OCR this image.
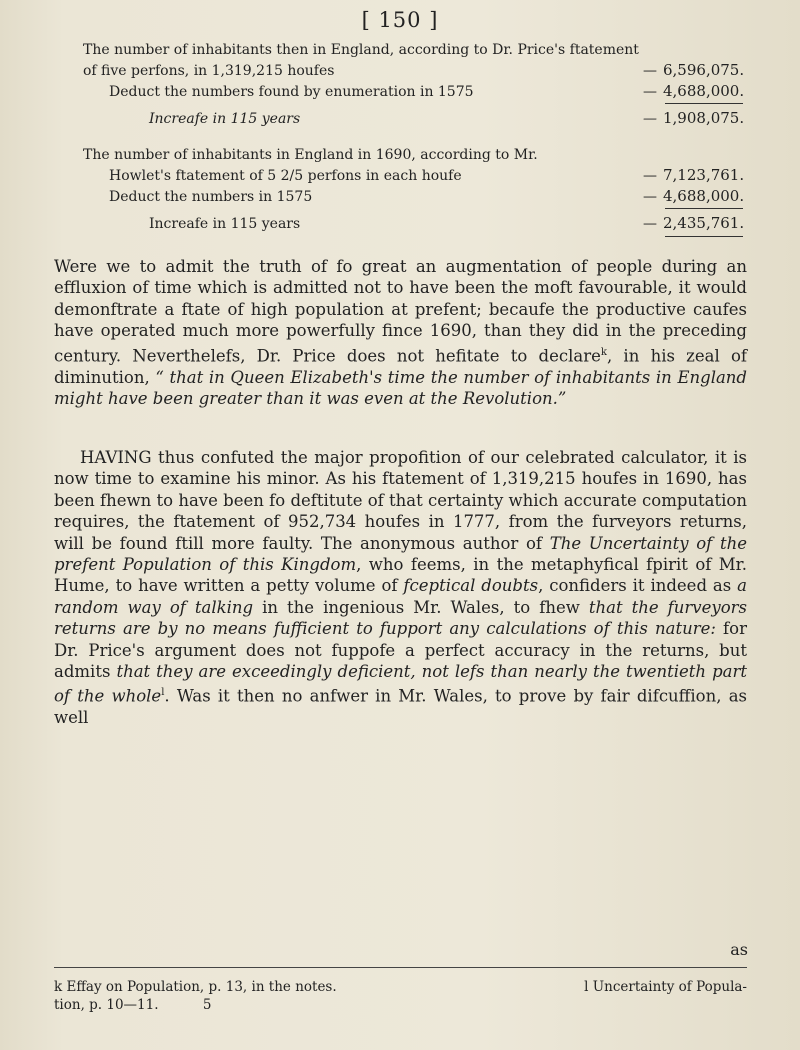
[ 150 ]
The number of inhabitants then in England, according to Dr. Price's ftatement
of five perfons, in 1,319,215 houfes	— 6,596,075.
Deduct the numbers found by enumeration in 1575	— 4,688,000.
Increafe in 115 years	— 1,908,075.
The number of inhabitants in England in 1690, according to Mr.
Howlet's ftatement of 5 2/5 perfons in each houfe	— 7,123,761.
Deduct the numbers in 1575	— 4,688,000.
Increafe in 115 years	— 2,435,761.

Were we to admit the truth of fo great an augmentation of people during an effluxion of time which is admitted not to have been the moft favourable, it would demonftrate a ftate of high population at prefent; becaufe the productive caufes have operated much more powerfully fince 1690, than they did in the preceding century. Neverthelefs, Dr. Price does not hefitate to declare$^k$, in his zeal of diminution, “ that in Queen Elizabeth's time the number of inhabitants in England might have been greater than it was even at the Revolution.”

HAVING thus confuted the major propofition of our celebrated calculator, it is now time to examine his minor. As his ftatement of 1,319,215 houfes in 1690, has been fhewn to have been fo deftitute of that certainty which accurate computation requires, the ftatement of 952,734 houfes in 1777, from the furveyors returns, will be found ftill more faulty. The anonymous author of The Uncertainty of the prefent Population of this Kingdom, who feems, in the metaphyfical fpirit of Mr. Hume, to have written a petty volume of fceptical doubts, confiders it indeed as a random way of talking in the ingenious Mr. Wales, to fhew that the furveyors returns are by no means fufficient to fupport any calculations of this nature: for Dr. Price's argument does not fuppofe a perfect accuracy in the returns, but admits that they are exceedingly deficient, not lefs than nearly the twentieth part of the whole$^l$. Was it then no anfwer in Mr. Wales, to prove by fair difcuffion, as well

as
k Effay on Population, p. 13, in the notes.	l Uncertainty of Popula-
tion, p. 10—11.	5
